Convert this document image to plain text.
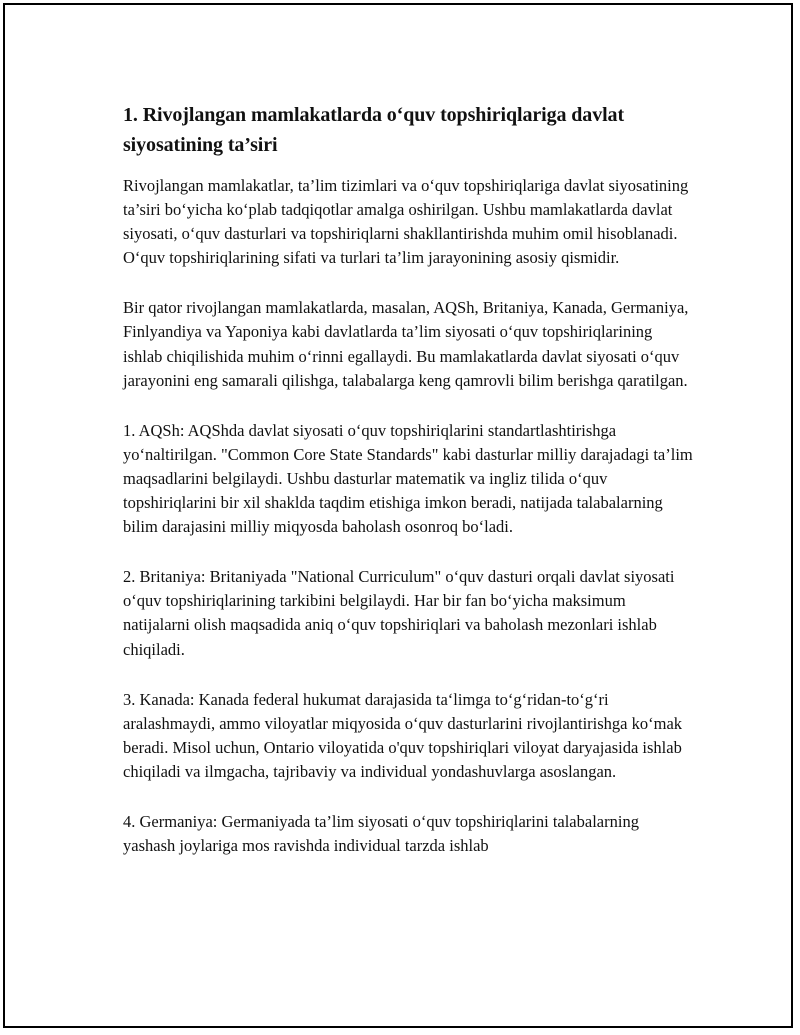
1. Rivojlangan mamlakatlarda o‘quv topshiriqlariga davlat siyosatining ta’siri

Rivojlangan mamlakatlar, ta’lim tizimlari va o‘quv topshiriqlariga davlat siyosatining ta’siri bo‘yicha ko‘plab tadqiqotlar amalga oshirilgan. Ushbu mamlakatlarda davlat siyosati, o‘quv dasturlari va topshiriqlarni shakllantirishda muhim omil hisoblanadi. O‘quv topshiriqlarining sifati va turlari ta’lim jarayonining asosiy qismidir.

Bir qator rivojlangan mamlakatlarda, masalan, AQSh, Britaniya, Kanada, Germaniya, Finlyandiya va Yaponiya kabi davlatlarda ta’lim siyosati o‘quv topshiriqlarining ishlab chiqilishida muhim o‘rinni egallaydi. Bu mamlakatlarda davlat siyosati o‘quv jarayonini eng samarali qilishga, talabalarga keng qamrovli bilim berishga qaratilgan.

1. AQSh: AQShda davlat siyosati o‘quv topshiriqlarini standartlashtirishga yo‘naltirilgan. "Common Core State Standards" kabi dasturlar milliy darajadagi ta’lim maqsadlarini belgilaydi. Ushbu dasturlar matematik va ingliz tilida o‘quv topshiriqlarini bir xil shaklda taqdim etishiga imkon beradi, natijada talabalarning bilim darajasini milliy miqyosda baholash osonroq bo‘ladi.

2. Britaniya: Britaniyada "National Curriculum" o‘quv dasturi orqali davlat siyosati o‘quv topshiriqlarining tarkibini belgilaydi. Har bir fan bo‘yicha maksimum natijalarni olish maqsadida aniq o‘quv topshiriqlari va baholash mezonlari ishlab chiqiladi.

3. Kanada: Kanada federal hukumat darajasida ta‘limga to‘g‘ridan-to‘g‘ri aralashmaydi, ammo viloyatlar miqyosida o‘quv dasturlarini rivojlantirishga ko‘mak beradi. Misol uchun, Ontario viloyatida o'quv topshiriqlari viloyat daryajasida ishlab chiqiladi va ilmgacha, tajribaviy va individual yondashuvlarga asoslangan.

4. Germaniya: Germaniyada ta’lim siyosati o‘quv topshiriqlarini talabalarning yashash joylariga mos ravishda individual tarzda ishlab
